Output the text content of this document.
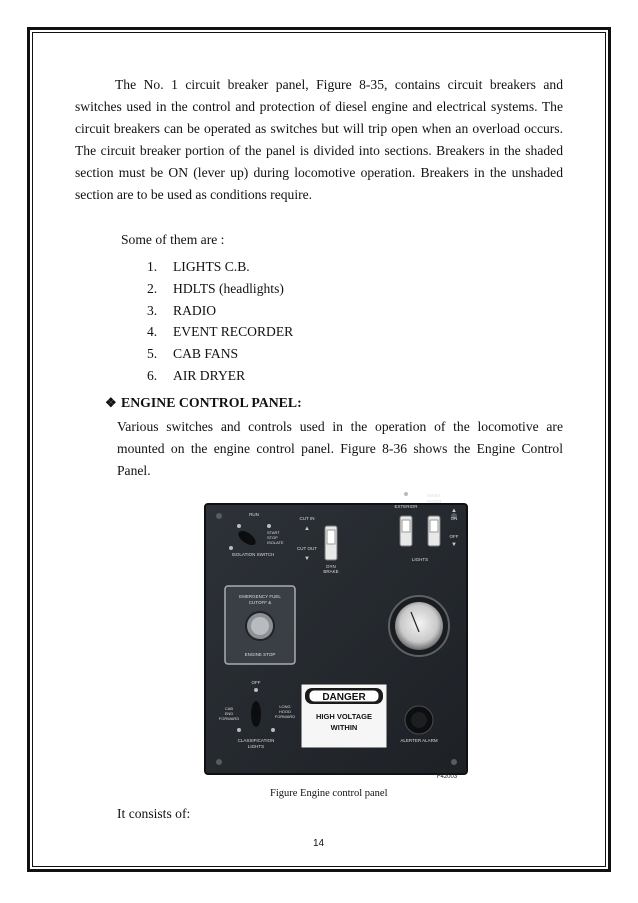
The No. 1 circuit breaker panel, Figure 8-35, contains circuit breakers and switches used in the control and protection of diesel engine and electrical systems. The circuit breakers can be operated as switches but will trip open when an overload occurs. The circuit breaker portion of the panel is divided into sections. Breakers in the shaded section must be ON (lever up) during locomotive operation. Breakers in the unshaded section are to be used as conditions require.

Some of them are :
1. LIGHTS C.B.
2. HDLTS (headlights)
3. RADIO
4. EVENT RECORDER
5. CAB FANS
6. AIR DRYER
❖ ENGINE CONTROL PANEL:

Various switches and controls used in the operation of the locomotive are mounted on the engine control panel. Figure 8-36 shows the Engine Control Panel.

RUN
START
STOP
ISOLATE
ISOLATION SWITCH
CUT IN
▲
CUT OUT
▼
DYN
BRAKE
EXTERIOR
MAINT
ROOM
▲
ON
OFF
▼
LIGHTS
EMERGENCY FUEL
CUTOFF &
ENGINE STOP
OFF
CAB
END
FORWARD
LONG
HOOD
FORWARD
CLASSIFICATION
LIGHTS
DANGER
HIGH VOLTAGE
WITHIN
ALERTER ALARM
F42003
Figure Engine control panel
It consists of:
14
